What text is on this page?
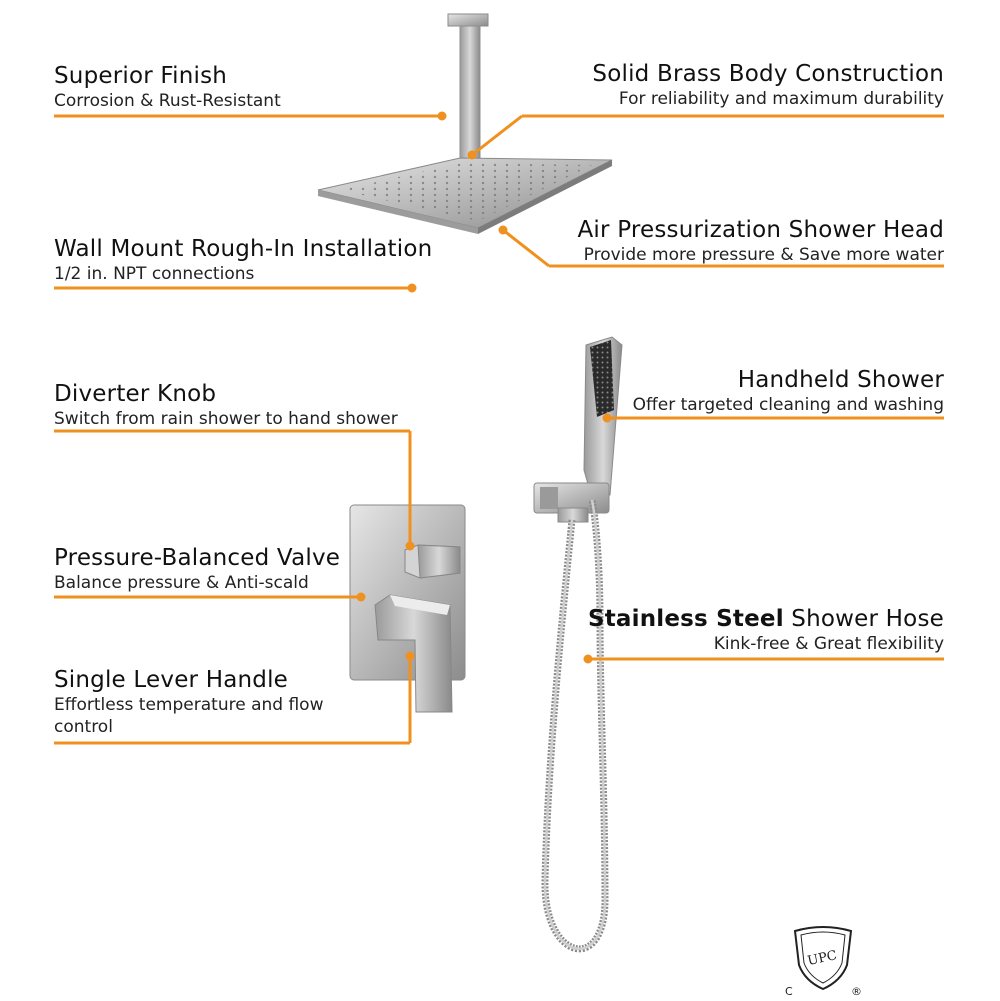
Superior Finish
Corrosion & Rust-Resistant
Solid Brass Body Construction
For reliability and maximum durability
Wall Mount Rough-In Installation
1/2 in. NPT connections
Air Pressurization Shower Head
Provide more pressure & Save more water
Diverter Knob
Switch from rain shower to hand shower
Handheld Shower
Offer targeted cleaning and washing
Pressure-Balanced Valve
Balance pressure & Anti-scald
Stainless Steel Shower Hose
Kink-free & Great flexibility
Single Lever Handle
Effortless temperature and flow control
UPC
C	®
